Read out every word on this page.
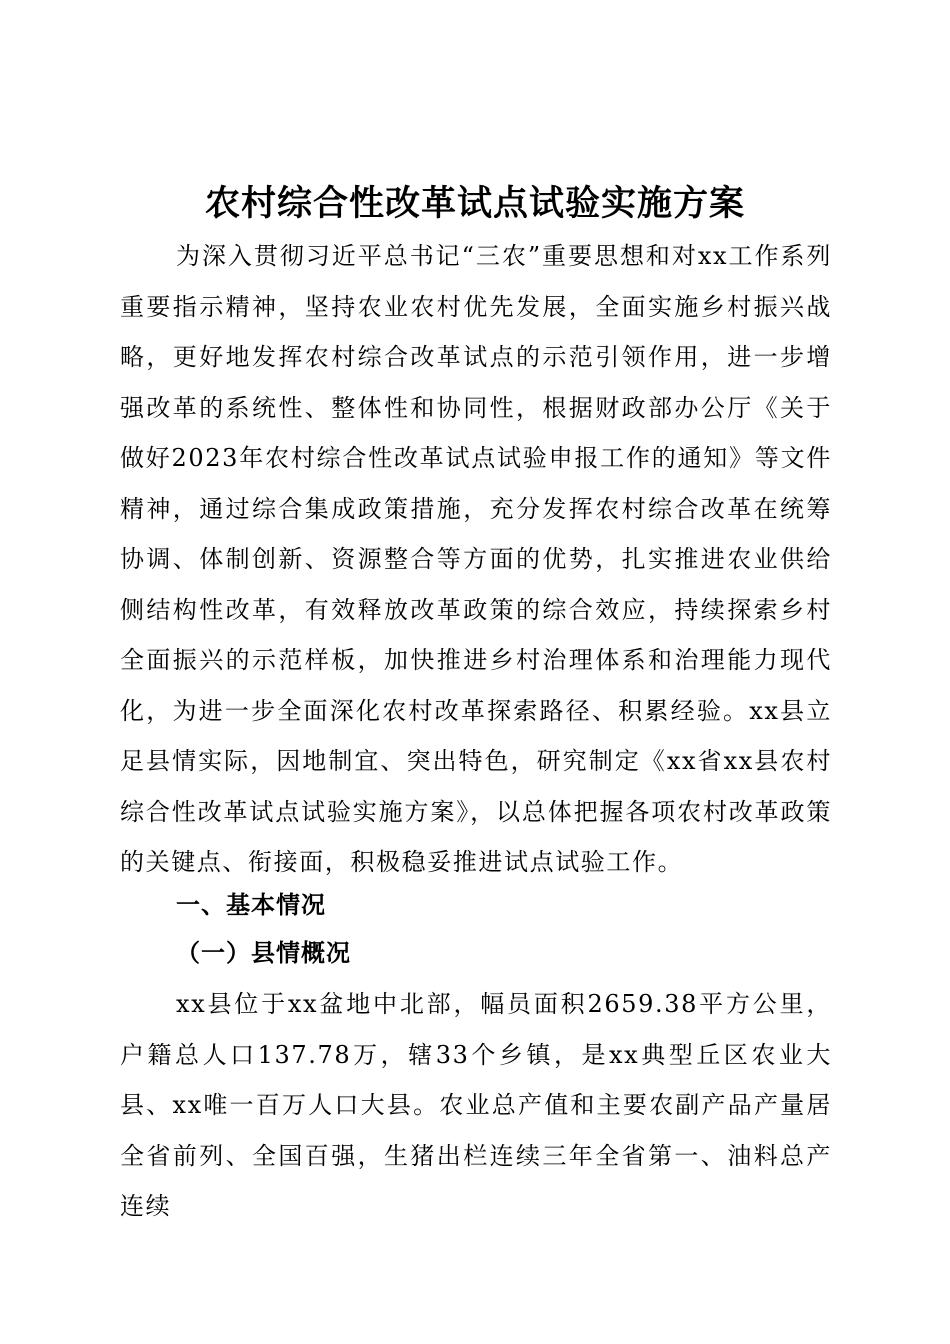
农村综合性改革试点试验实施方案

为深入贯彻习近平总书记“三农”重要思想和对xx工作系列重要指示精神，坚持农业农村优先发展，全面实施乡村振兴战略，更好地发挥农村综合改革试点的示范引领作用，进一步增强改革的系统性、整体性和协同性，根据财政部办公厅《关于做好2023年农村综合性改革试点试验申报工作的通知》等文件精神，通过综合集成政策措施，充分发挥农村综合改革在统筹协调、体制创新、资源整合等方面的优势，扎实推进农业供给侧结构性改革，有效释放改革政策的综合效应，持续探索乡村全面振兴的示范样板，加快推进乡村治理体系和治理能力现代化，为进一步全面深化农村改革探索路径、积累经验。xx县立足县情实际，因地制宜、突出特色，研究制定《xx省xx县农村综合性改革试点试验实施方案》，以总体把握各项农村改革政策的关键点、衔接面，积极稳妥推进试点试验工作。

一、基本情况
（一）县情概况

xx县位于xx盆地中北部，幅员面积2659.38平方公里，户籍总人口137.78万，辖33个乡镇，是xx典型丘区农业大县、xx唯一百万人口大县。农业总产值和主要农副产品产量居全省前列、全国百强，生猪出栏连续三年全省第一、油料总产连续
